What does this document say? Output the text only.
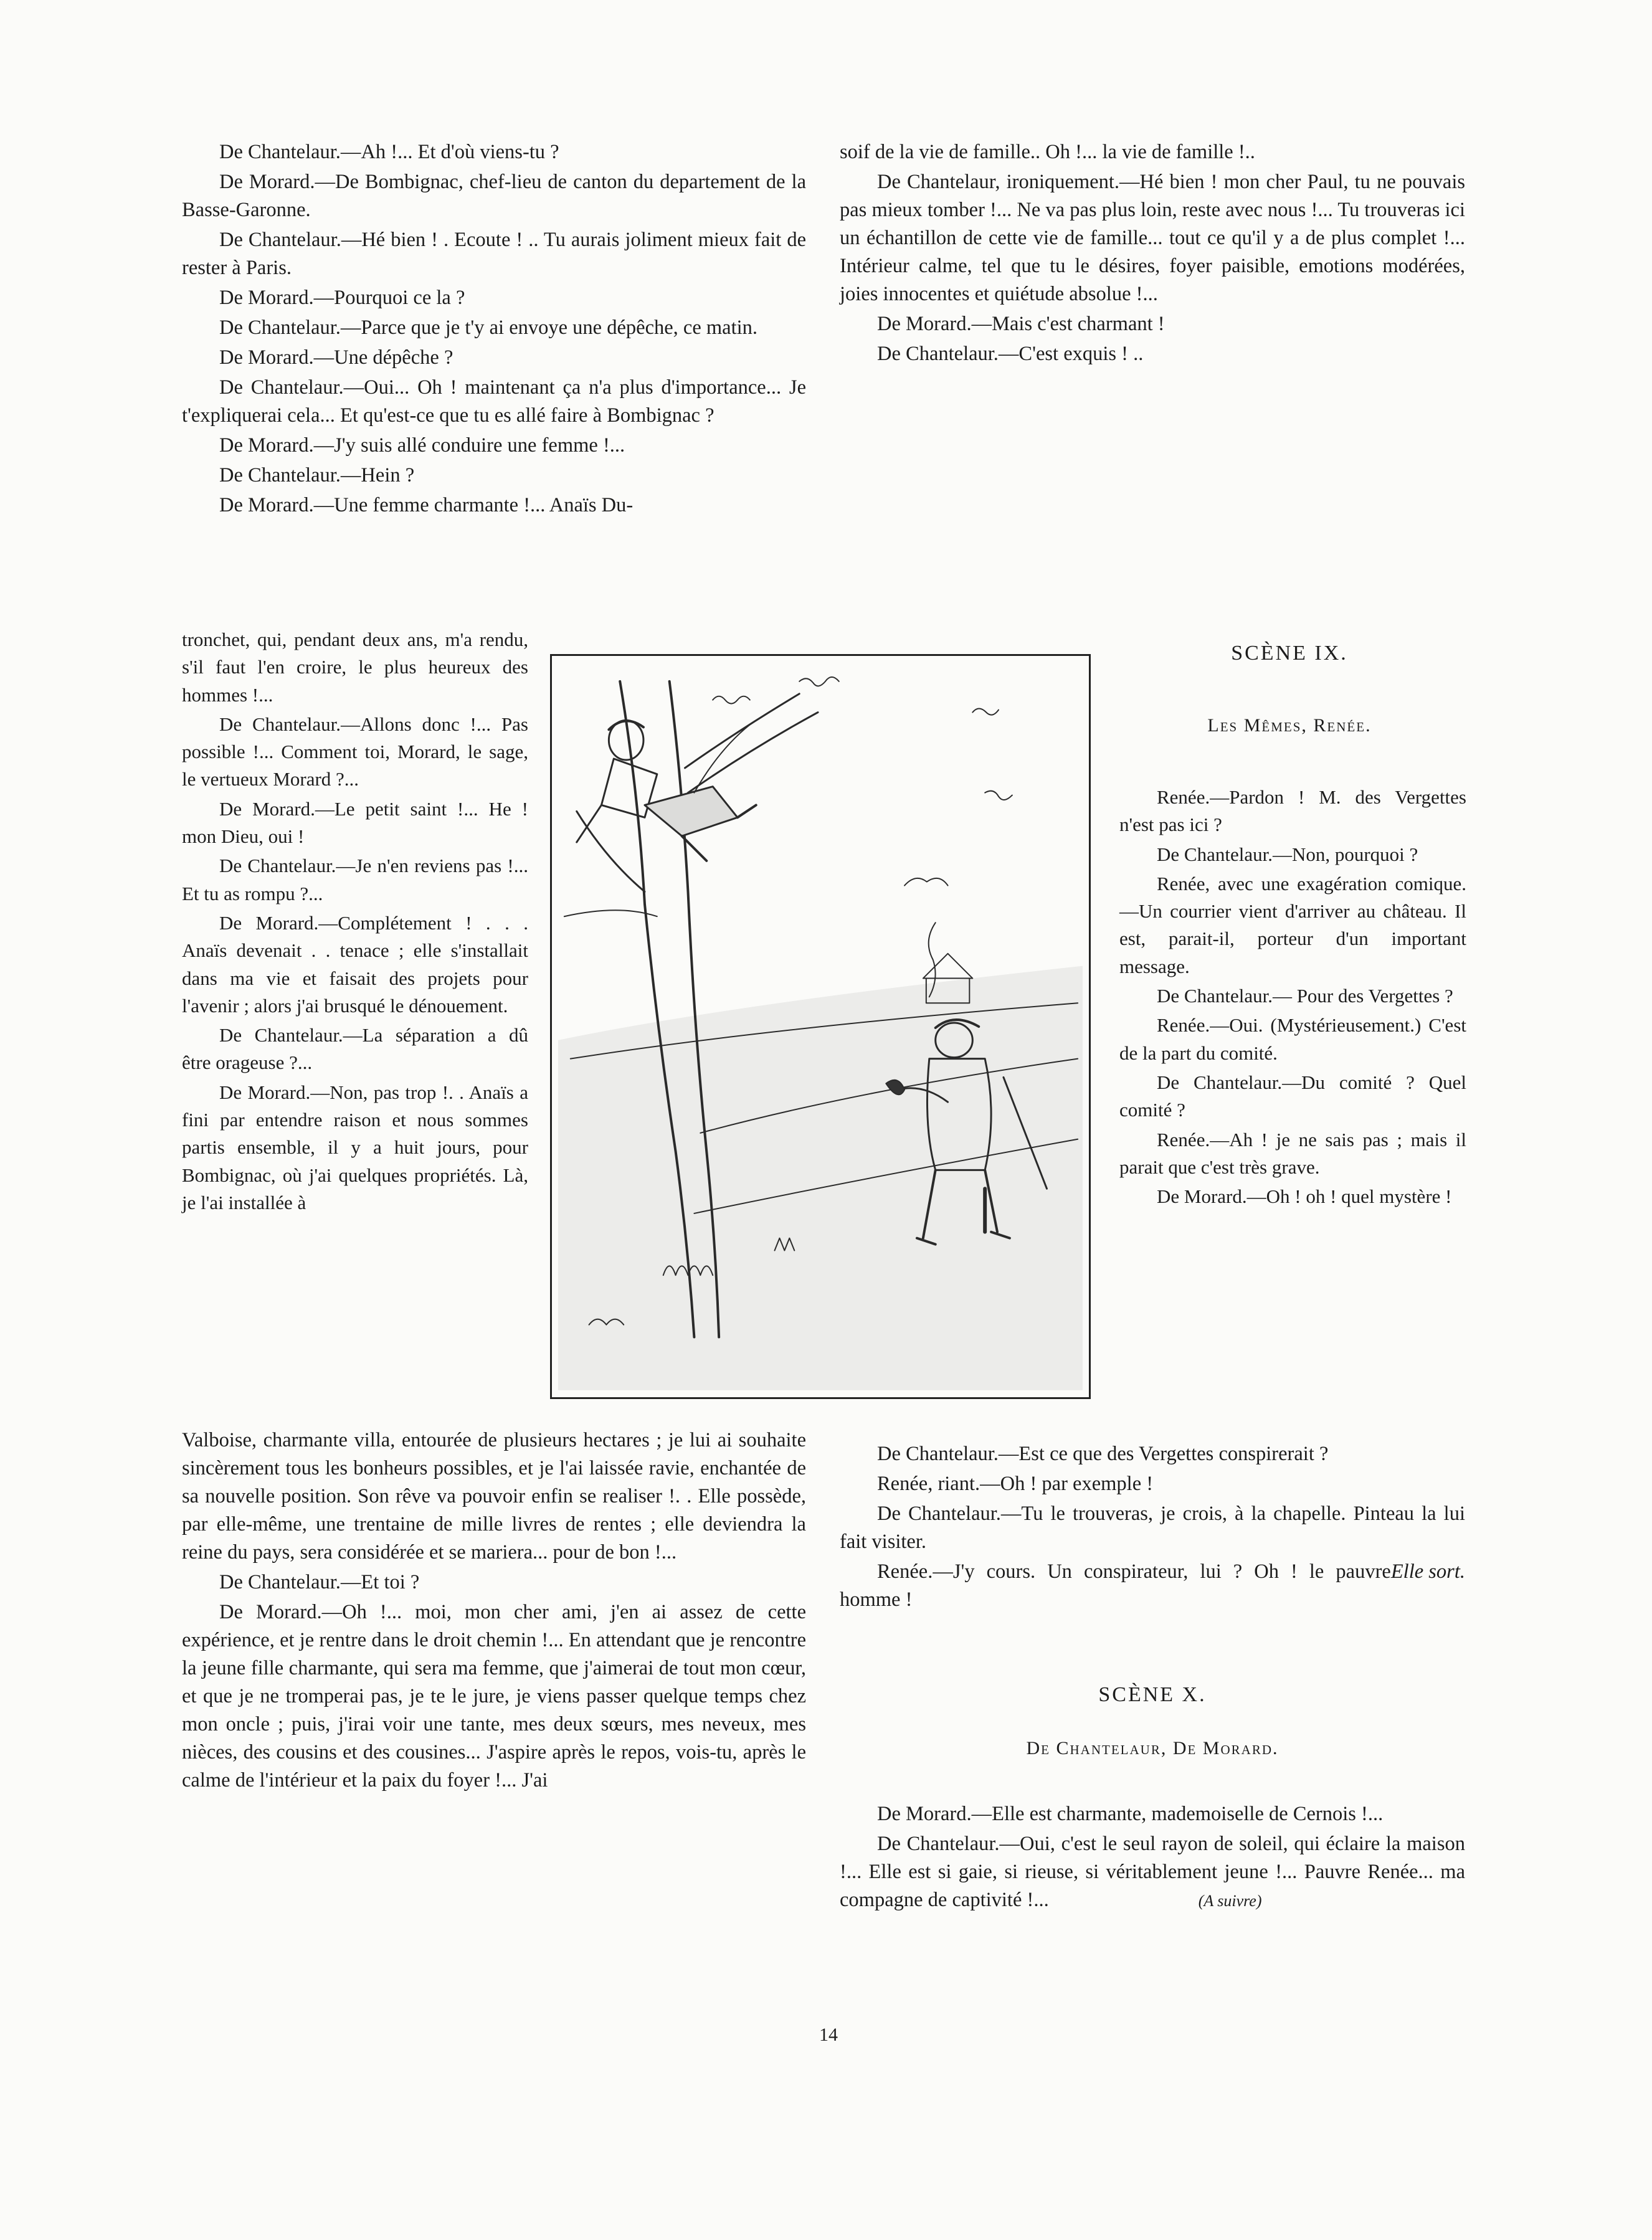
De Chantelaur.—Ah !... Et d'où viens-tu ?

De Morard.—De Bombignac, chef-lieu de canton du departement de la Basse-Garonne.

De Chantelaur.—Hé bien ! . Ecoute ! .. Tu aurais joliment mieux fait de rester à Paris.

De Morard.—Pourquoi ce la ?

De Chantelaur.—Parce que je t'y ai envoye une dépêche, ce matin.

De Morard.—Une dépêche ?

De Chantelaur.—Oui... Oh ! maintenant ça n'a plus d'importance... Je t'expliquerai cela... Et qu'est-ce que tu es allé faire à Bombignac ?

De Morard.—J'y suis allé conduire une femme !...

De Chantelaur.—Hein ?

De Morard.—Une femme charmante !... Anaïs Du-

tronchet, qui, pendant deux ans, m'a rendu, s'il faut l'en croire, le plus heureux des hommes !...

De Chantelaur.—Allons donc !... Pas possible !... Comment toi, Morard, le sage, le vertueux Morard ?...

De Morard.—Le petit saint !... He ! mon Dieu, oui !

De Chantelaur.—Je n'en reviens pas !... Et tu as rompu ?...

De Morard.—Complétement ! . . . Anaïs devenait . . tenace ; elle s'installait dans ma vie et faisait des projets pour l'avenir ; alors j'ai brusqué le dénouement.

De Chantelaur.—La séparation a dû être orageuse ?...

De Morard.—Non, pas trop !. . Anaïs a fini par entendre raison et nous sommes partis ensemble, il y a huit jours, pour Bombignac, où j'ai quelques propriétés. Là, je l'ai installée à

Valboise, charmante villa, entourée de plusieurs hectares ; je lui ai souhaite sincèrement tous les bonheurs possibles, et je l'ai laissée ravie, enchantée de sa nouvelle position. Son rêve va pouvoir enfin se realiser !. . Elle possède, par elle-même, une trentaine de mille livres de rentes ; elle deviendra la reine du pays, sera considérée et se mariera... pour de bon !...

De Chantelaur.—Et toi ?

De Morard.—Oh !... moi, mon cher ami, j'en ai assez de cette expérience, et je rentre dans le droit chemin !... En attendant que je rencontre la jeune fille charmante, qui sera ma femme, que j'aimerai de tout mon cœur, et que je ne tromperai pas, je te le jure, je viens passer quelque temps chez mon oncle ; puis, j'irai voir une tante, mes deux sœurs, mes neveux, mes nièces, des cousins et des cousines... J'aspire après le repos, vois-tu, après le calme de l'intérieur et la paix du foyer !... J'ai

soif de la vie de famille.. Oh !... la vie de famille !..

De Chantelaur, ironiquement.—Hé bien ! mon cher Paul, tu ne pouvais pas mieux tomber !... Ne va pas plus loin, reste avec nous !... Tu trouveras ici un échantillon de cette vie de famille... tout ce qu'il y a de plus complet !... Intérieur calme, tel que tu le désires, foyer paisible, emotions modérées, joies innocentes et quiétude absolue !...

De Morard.—Mais c'est charmant !

De Chantelaur.—C'est exquis ! ..

SCÈNE IX.
Les Mêmes, Renée.

Renée.—Pardon ! M. des Vergettes n'est pas ici ?

De Chantelaur.—Non, pourquoi ?

Renée, avec une exagération comique.—Un courrier vient d'arriver au château. Il est, parait-il, porteur d'un important message.

De Chantelaur.— Pour des Vergettes ?

Renée.—Oui. (Mystérieusement.) C'est de la part du comité.

De Chantelaur.—Du comité ? Quel comité ?

Renée.—Ah ! je ne sais pas ; mais il parait que c'est très grave.

De Morard.—Oh ! oh ! quel mystère !

De Chantelaur.—Est ce que des Vergettes conspirerait ?

Renée, riant.—Oh ! par exemple !

De Chantelaur.—Tu le trouveras, je crois, à la chapelle. Pinteau la lui fait visiter.

Elle sort.
Renée.—J'y cours. Un conspirateur, lui ? Oh ! le pauvre homme !

SCÈNE X.
De Chantelaur, De Morard.

De Morard.—Elle est charmante, mademoiselle de Cernois !...

De Chantelaur.—Oui, c'est le seul rayon de soleil, qui éclaire la maison !... Elle est si gaie, si rieuse, si véritablement jeune !... Pauvre Renée... ma compagne de captivité !...	(A suivre)

14
